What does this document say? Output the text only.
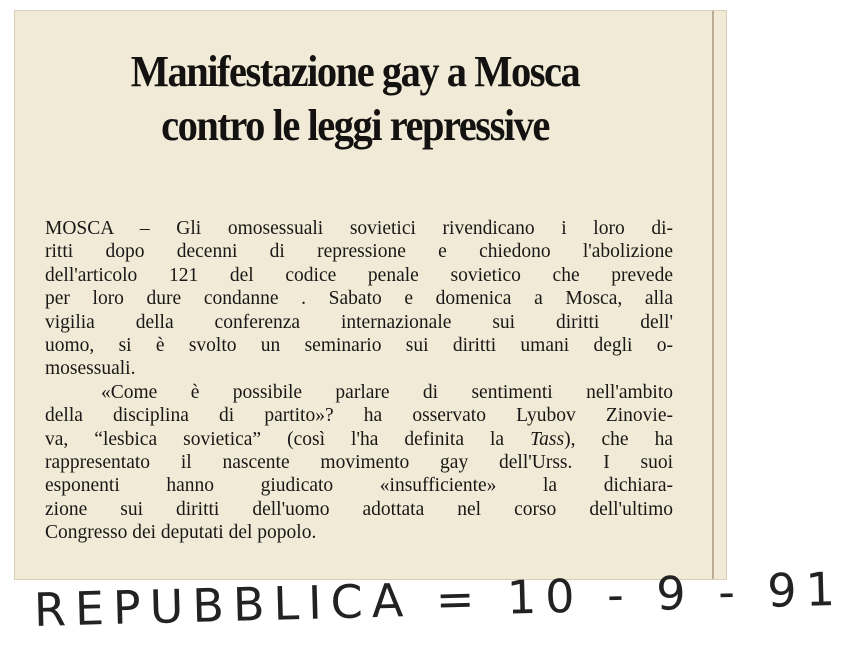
Manifestazione gay a Mosca
contro le leggi repressive

MOSCA – Gli omosessuali sovietici rivendicano i loro di-
ritti dopo decenni di repressione e chiedono l'abolizione
dell'articolo 121 del codice penale sovietico che prevede
per loro dure condanne . Sabato e domenica a Mosca, alla
vigilia della conferenza internazionale sui diritti dell'
uomo, si è svolto un seminario sui diritti umani degli o-
mosessuali.

«Come è possibile parlare di sentimenti nell'ambito
della disciplina di partito»? ha osservato Lyubov Zinovie-
va, “lesbica sovietica” (così l'ha definita la Tass), che ha
rappresentato il nascente movimento gay dell'Urss. I suoi
esponenti hanno giudicato «insufficiente» la dichiara-
zione sui diritti dell'uomo adottata nel corso dell'ultimo
Congresso dei deputati del popolo.

REPUBBLICA = 10 - 9 - 91
